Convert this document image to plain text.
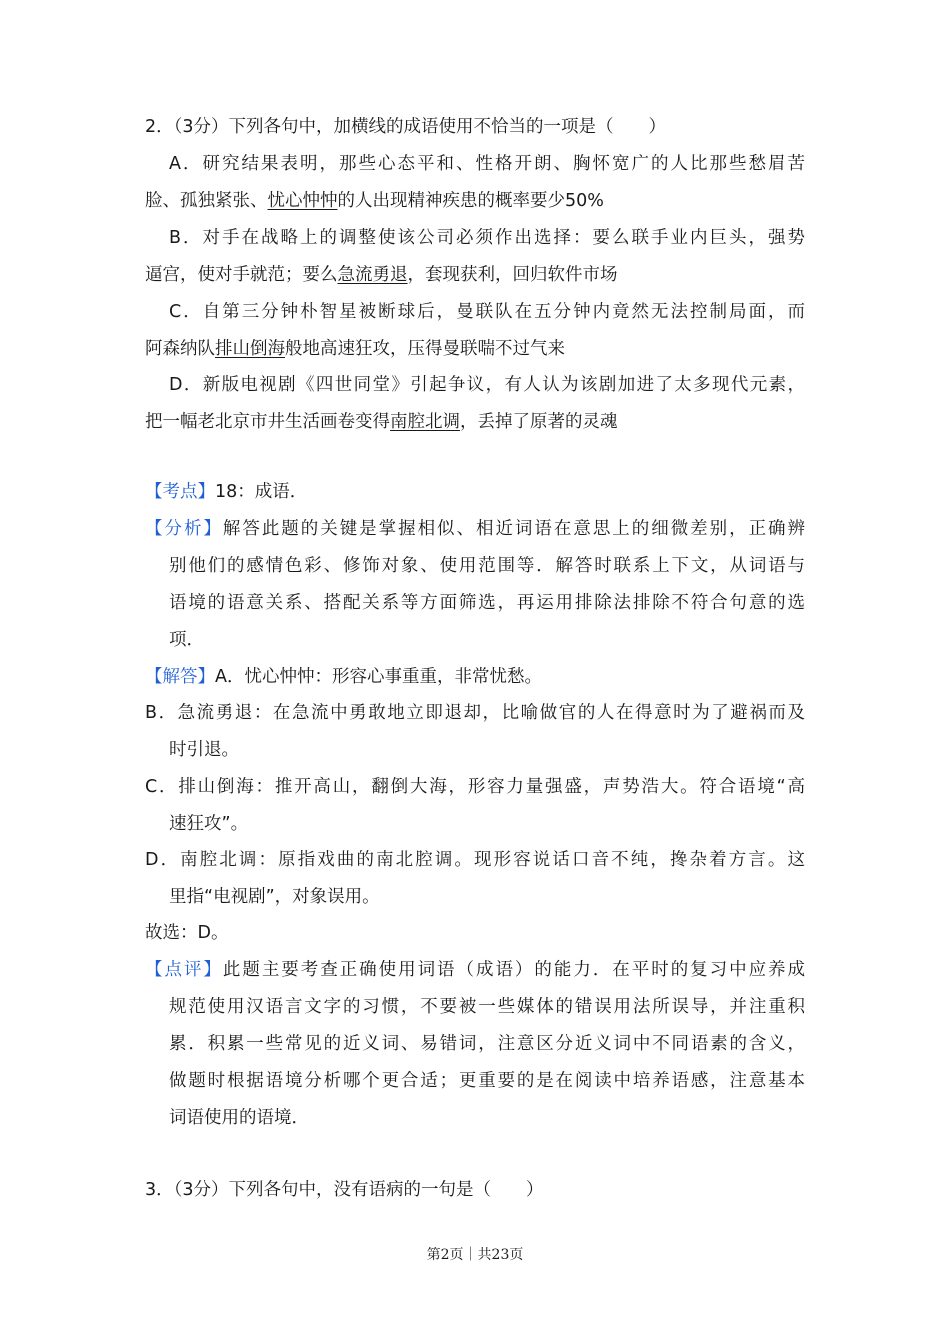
2．（3分）下列各句中，加横线的成语使用不恰当的一项是（　　）
A．研究结果表明，那些心态平和、性格开朗、胸怀宽广的人比那些愁眉苦
脸、孤独紧张、忧心忡忡的人出现精神疾患的概率要少50%
B．对手在战略上的调整使该公司必须作出选择：要么联手业内巨头，强势
逼宫，使对手就范；要么急流勇退，套现获利，回归软件市场
C．自第三分钟朴智星被断球后，曼联队在五分钟内竟然无法控制局面，而
阿森纳队排山倒海般地高速狂攻，压得曼联喘不过气来
D．新版电视剧《四世同堂》引起争议，有人认为该剧加进了太多现代元素，
把一幅老北京市井生活画卷变得南腔北调，丢掉了原著的灵魂
【考点】18：成语．
【分析】解答此题的关键是掌握相似、相近词语在意思上的细微差别，正确辨
别他们的感情色彩、修饰对象、使用范围等．解答时联系上下文，从词语与
语境的语意关系、搭配关系等方面筛选，再运用排除法排除不符合句意的选
项．
【解答】A．忧心忡忡：形容心事重重，非常忧愁。
B．急流勇退：在急流中勇敢地立即退却，比喻做官的人在得意时为了避祸而及
时引退。
C．排山倒海：推开高山，翻倒大海，形容力量强盛，声势浩大。符合语境“高
速狂攻”。
D．南腔北调：原指戏曲的南北腔调。现形容说话口音不纯，搀杂着方言。这
里指“电视剧”，对象误用。
故选：D。
【点评】此题主要考查正确使用词语（成语）的能力．在平时的复习中应养成
规范使用汉语言文字的习惯，不要被一些媒体的错误用法所误导，并注重积
累．积累一些常见的近义词、易错词，注意区分近义词中不同语素的含义，
做题时根据语境分析哪个更合适；更重要的是在阅读中培养语感，注意基本
词语使用的语境．
3．（3分）下列各句中，没有语病的一句是（　　）
第2页｜共23页
